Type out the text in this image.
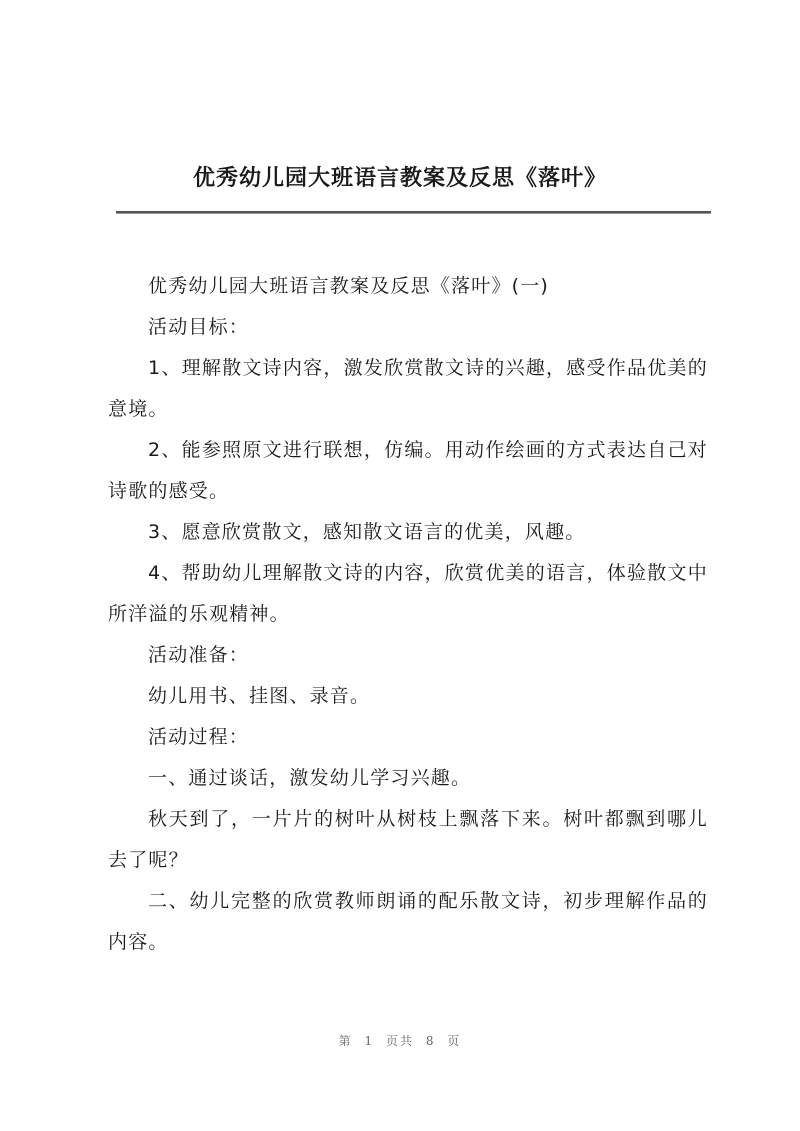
优秀幼儿园大班语言教案及反思《落叶》

优秀幼儿园大班语言教案及反思《落叶》(一)

活动目标：

1、理解散文诗内容，激发欣赏散文诗的兴趣，感受作品优美的意境。

2、能参照原文进行联想，仿编。用动作绘画的方式表达自己对诗歌的感受。

3、愿意欣赏散文，感知散文语言的优美，风趣。

4、帮助幼儿理解散文诗的内容，欣赏优美的语言，体验散文中所洋溢的乐观精神。

活动准备：

幼儿用书、挂图、录音。

活动过程：

一、通过谈话，激发幼儿学习兴趣。

秋天到了，一片片的树叶从树枝上飘落下来。树叶都飘到哪儿去了呢？

二、幼儿完整的欣赏教师朗诵的配乐散文诗，初步理解作品的内容。

第 1 页共 8 页
